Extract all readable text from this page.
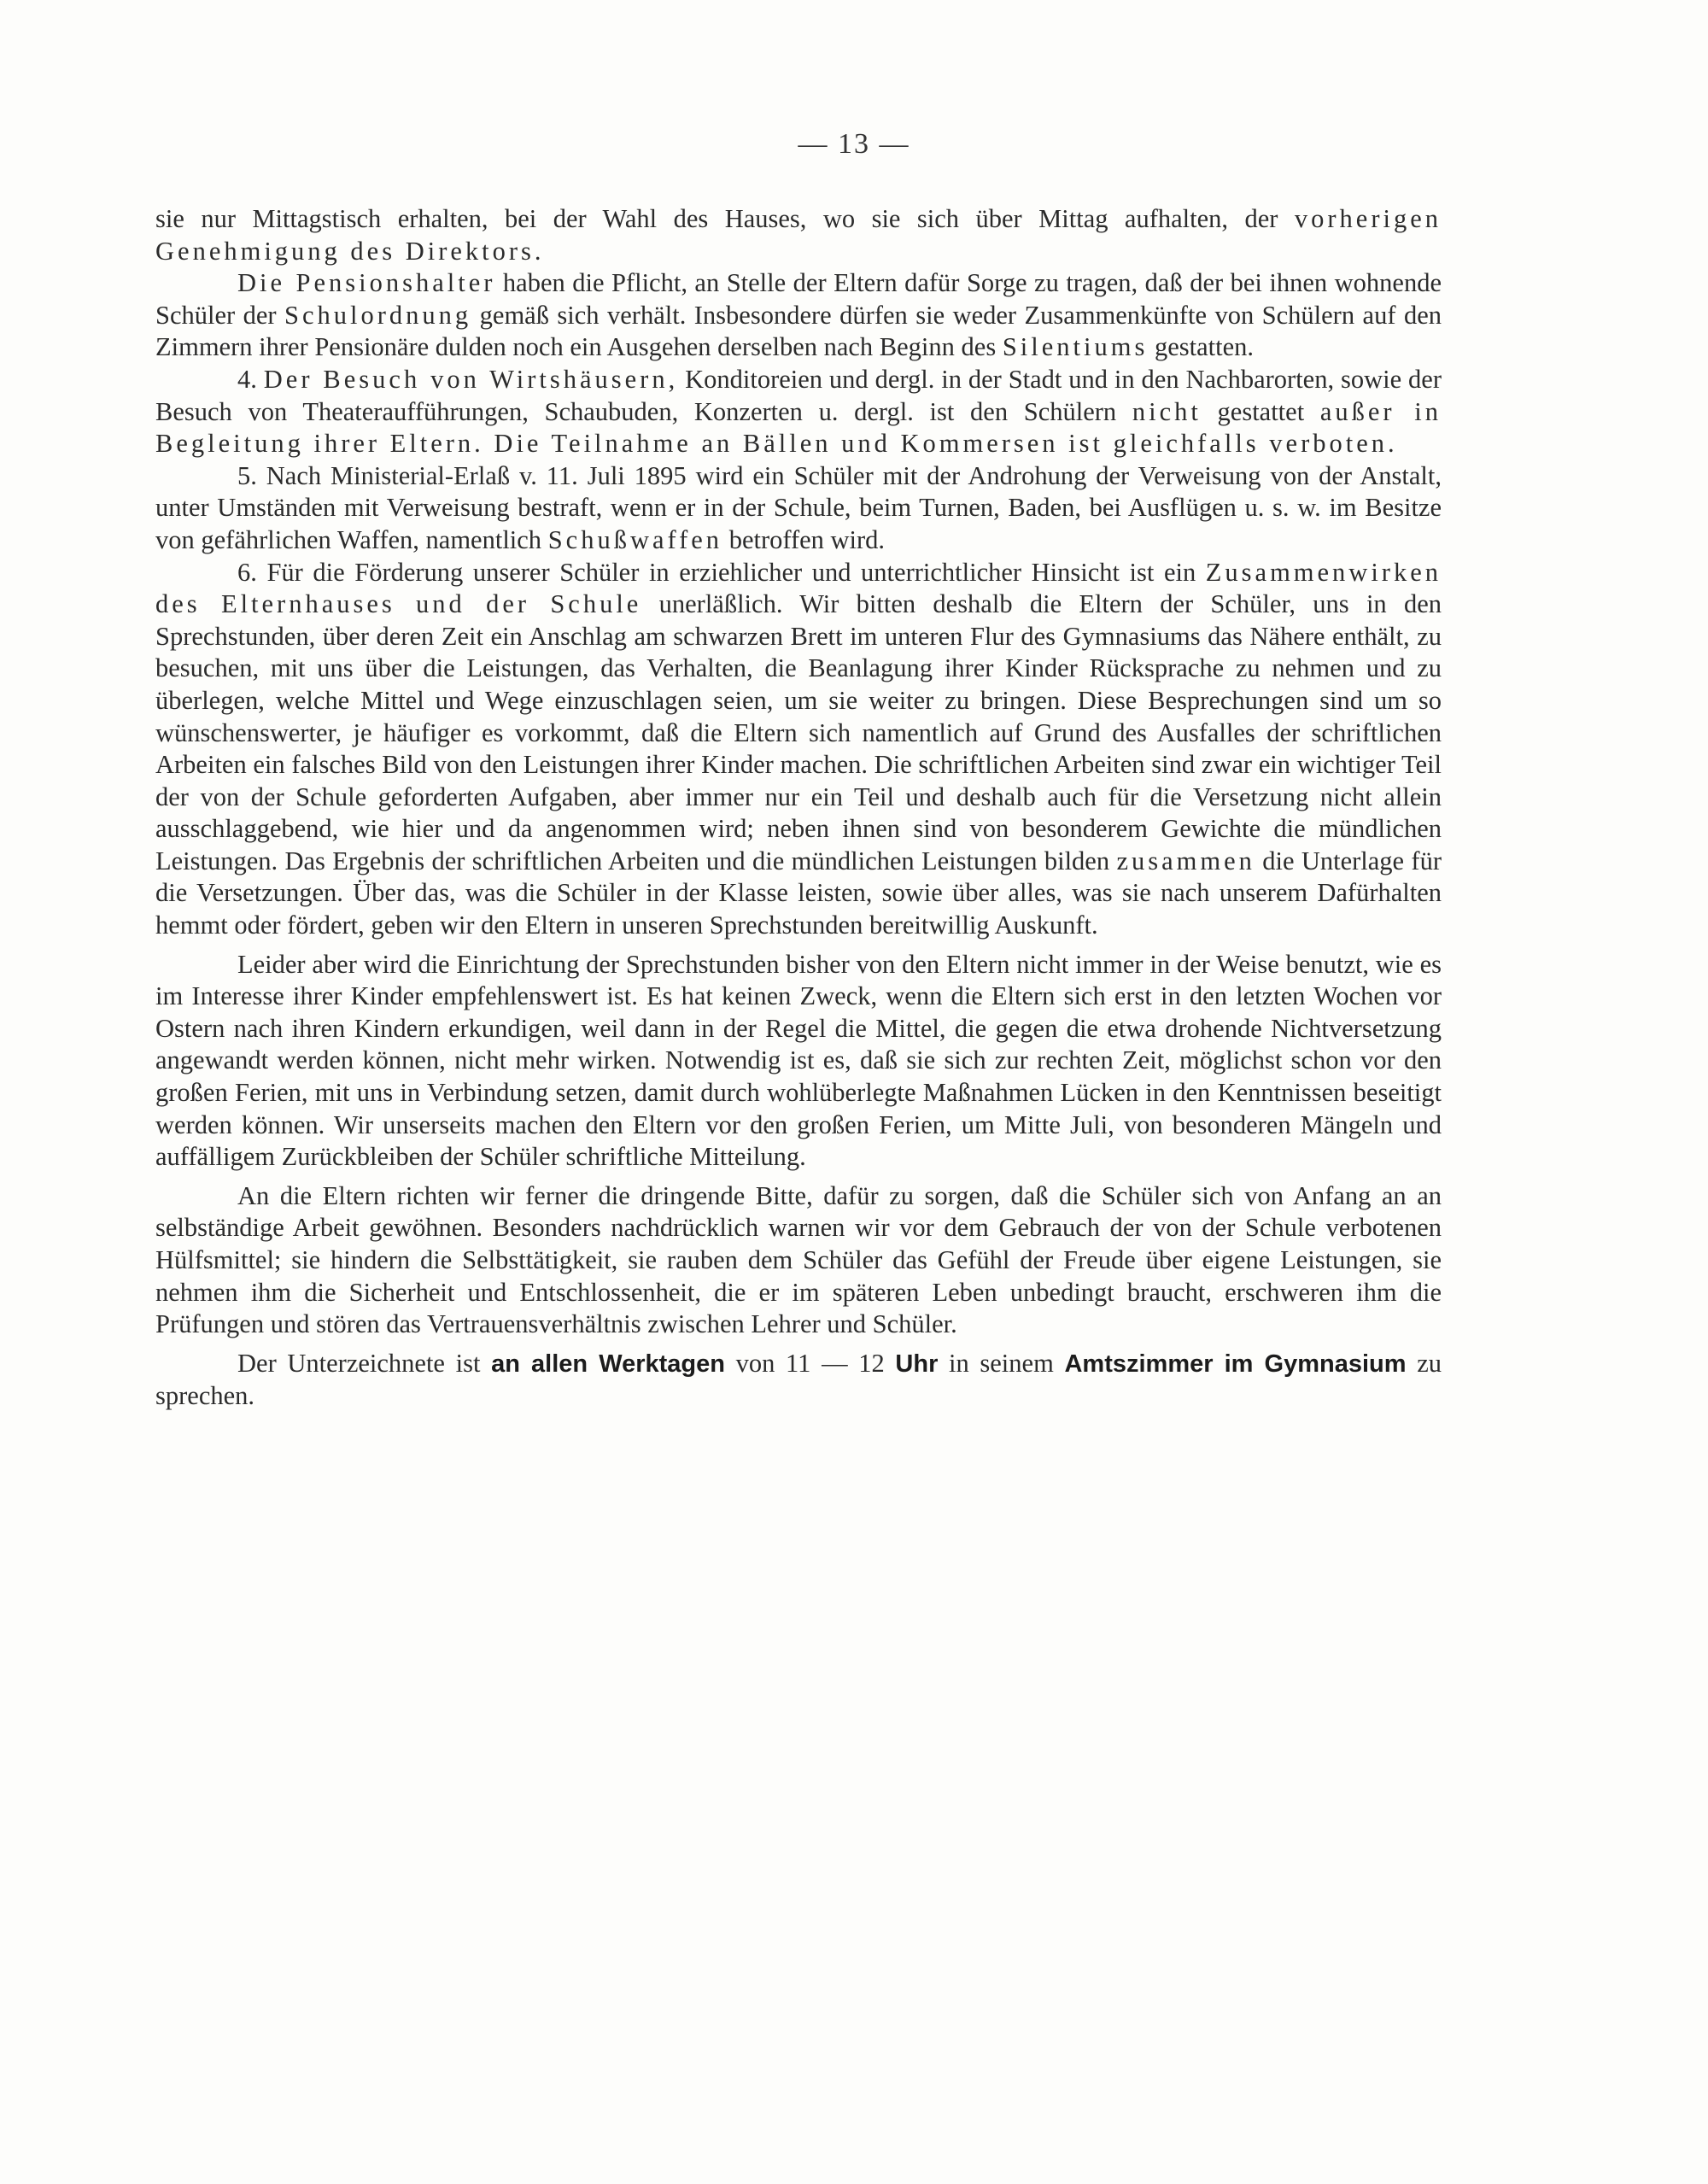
— 13 —

sie nur Mittagstisch erhalten, bei der Wahl des Hauses, wo sie sich über Mittag aufhalten, der vorherigen Genehmigung des Direktors.

Die Pensionshalter haben die Pflicht, an Stelle der Eltern dafür Sorge zu tragen, daß der bei ihnen wohnende Schüler der Schulordnung gemäß sich verhält. Insbesondere dürfen sie weder Zusammenkünfte von Schülern auf den Zimmern ihrer Pensionäre dulden noch ein Ausgehen derselben nach Beginn des Silentiums gestatten.

4. Der Besuch von Wirtshäusern, Konditoreien und dergl. in der Stadt und in den Nachbarorten, sowie der Besuch von Theateraufführungen, Schaubuden, Konzerten u. dergl. ist den Schülern nicht gestattet außer in Begleitung ihrer Eltern. Die Teilnahme an Bällen und Kommersen ist gleichfalls verboten.

5. Nach Ministerial-Erlaß v. 11. Juli 1895 wird ein Schüler mit der Androhung der Verweisung von der Anstalt, unter Umständen mit Verweisung bestraft, wenn er in der Schule, beim Turnen, Baden, bei Ausflügen u. s. w. im Besitze von gefährlichen Waffen, namentlich Schußwaffen betroffen wird.

6. Für die Förderung unserer Schüler in erziehlicher und unterrichtlicher Hinsicht ist ein Zusammenwirken des Elternhauses und der Schule unerläßlich. Wir bitten deshalb die Eltern der Schüler, uns in den Sprechstunden, über deren Zeit ein Anschlag am schwarzen Brett im unteren Flur des Gymnasiums das Nähere enthält, zu besuchen, mit uns über die Leistungen, das Verhalten, die Beanlagung ihrer Kinder Rücksprache zu nehmen und zu überlegen, welche Mittel und Wege einzuschlagen seien, um sie weiter zu bringen. Diese Besprechungen sind um so wünschenswerter, je häufiger es vorkommt, daß die Eltern sich namentlich auf Grund des Ausfalles der schriftlichen Arbeiten ein falsches Bild von den Leistungen ihrer Kinder machen. Die schriftlichen Arbeiten sind zwar ein wichtiger Teil der von der Schule geforderten Aufgaben, aber immer nur ein Teil und deshalb auch für die Versetzung nicht allein ausschlaggebend, wie hier und da angenommen wird; neben ihnen sind von besonderem Gewichte die mündlichen Leistungen. Das Ergebnis der schriftlichen Arbeiten und die mündlichen Leistungen bilden zusammen die Unterlage für die Versetzungen. Über das, was die Schüler in der Klasse leisten, sowie über alles, was sie nach unserem Dafürhalten hemmt oder fördert, geben wir den Eltern in unseren Sprechstunden bereitwillig Auskunft.

Leider aber wird die Einrichtung der Sprechstunden bisher von den Eltern nicht immer in der Weise benutzt, wie es im Interesse ihrer Kinder empfehlenswert ist. Es hat keinen Zweck, wenn die Eltern sich erst in den letzten Wochen vor Ostern nach ihren Kindern erkundigen, weil dann in der Regel die Mittel, die gegen die etwa drohende Nichtversetzung angewandt werden können, nicht mehr wirken. Notwendig ist es, daß sie sich zur rechten Zeit, möglichst schon vor den großen Ferien, mit uns in Verbindung setzen, damit durch wohlüberlegte Maßnahmen Lücken in den Kenntnissen beseitigt werden können. Wir unserseits machen den Eltern vor den großen Ferien, um Mitte Juli, von besonderen Mängeln und auffälligem Zurückbleiben der Schüler schriftliche Mitteilung.

An die Eltern richten wir ferner die dringende Bitte, dafür zu sorgen, daß die Schüler sich von Anfang an an selbständige Arbeit gewöhnen. Besonders nachdrücklich warnen wir vor dem Gebrauch der von der Schule verbotenen Hülfsmittel; sie hindern die Selbsttätigkeit, sie rauben dem Schüler das Gefühl der Freude über eigene Leistungen, sie nehmen ihm die Sicherheit und Entschlossenheit, die er im späteren Leben unbedingt braucht, erschweren ihm die Prüfungen und stören das Vertrauensverhältnis zwischen Lehrer und Schüler.

Der Unterzeichnete ist an allen Werktagen von 11 — 12 Uhr in seinem Amtszimmer im Gymnasium zu sprechen.
